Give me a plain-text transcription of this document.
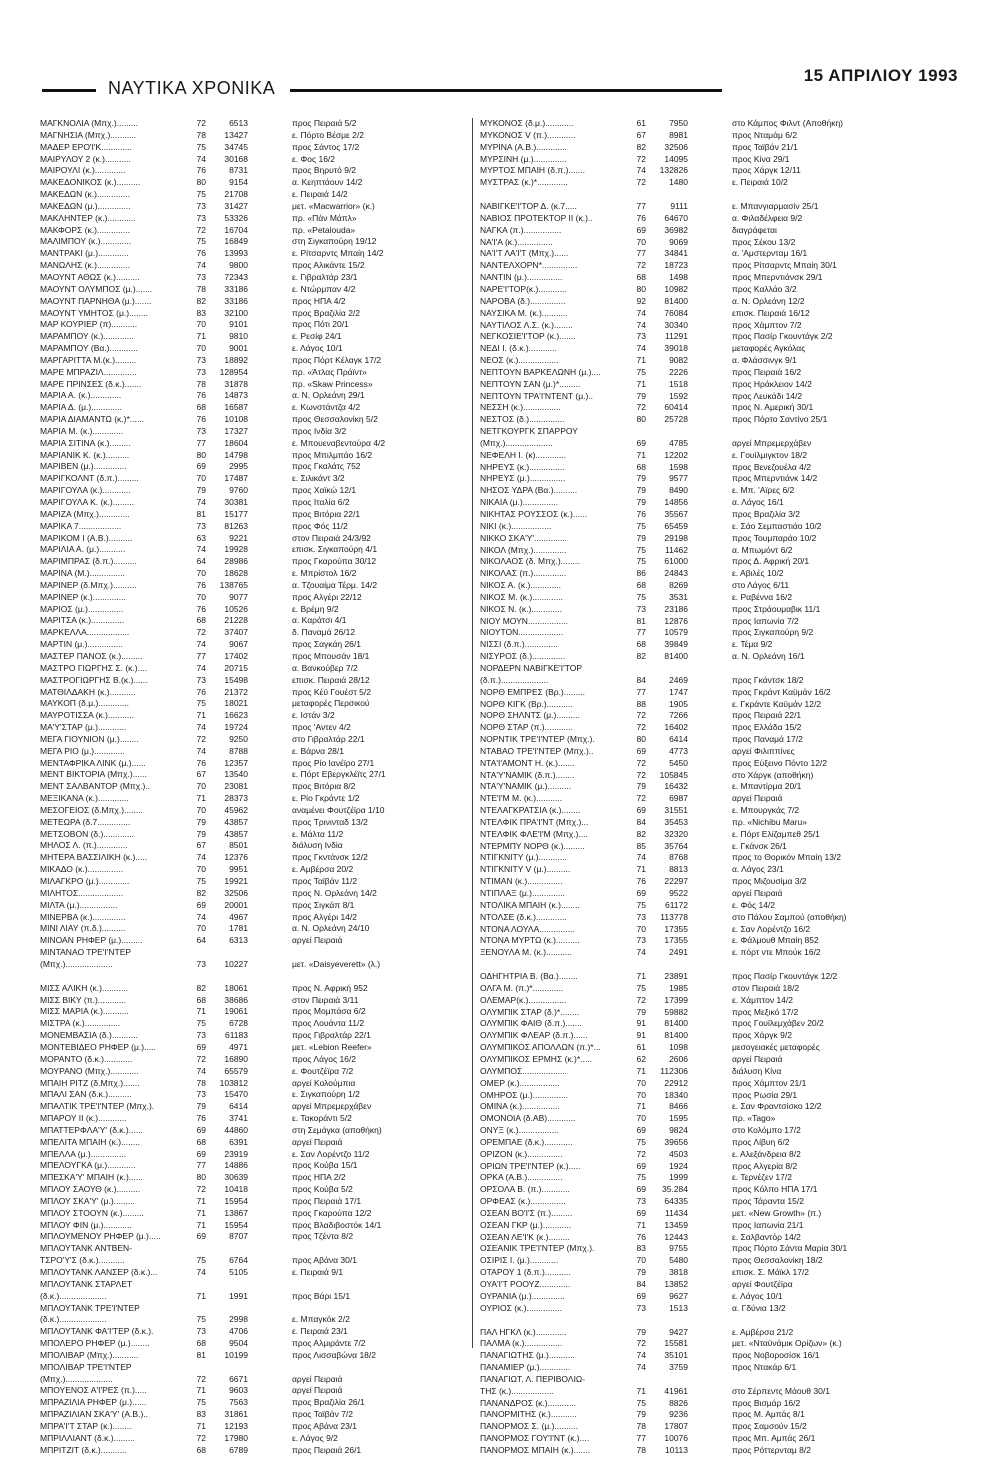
ΝΑΥΤΙΚΑ ΧΡΟΝΙΚΑ
15 ΑΠΡΙΛΙΟΥ 1993
ΜΑΓΚΝΟΛΙΑ (Μπχ.).........	72	6513	προς Πειραιά 5/2
ΜΑΓΝΗΣΙΑ (Μπχ.)...........	78	13427	ε. Πόρτο Βέσμε 2/2
ΜΑΔΕΡ ΕΡΟ'Ι'Κ.............	75	34745	προς Σάντος 17/2
ΜΑΙΡΥΛΟΥ 2 (κ.)...........	74	30168	ε. Φος 16/2
ΜΑΙΡΟΥΛΙ (κ.).............	76	8731	προς Βηρυτό 9/2
ΜΑΚΕΔΟΝΙΚΟΣ (κ.)..........	80	9154	α. Κεηπτάουν 14/2
ΜΑΚΕΔΩΝ (κ.)..............	75	21708	ε. Πειραιά 14/2
ΜΑΚΕΔΩΝ (μ.)..............	73	31427	μετ. «Macwarrior» (κ.)
ΜΑΚΛΗΝΤΕΡ (κ.)............	73	53326	πρ. «Πάν Μάπλ»
ΜΑΚΦΟΡΣ (κ.)..............	72	16704	πρ. «Petalouda»
ΜΑΛΙΜΠΟΥ (κ.).............	75	16849	στη Σιγκαπούρη 19/12
ΜΑΝΤΡΑΚΙ (μ.).............	76	13993	ε. Ρίτσαρντς Μπαίη 14/2
ΜΑΝΩΛΗΣ (κ.)..............	74	9800	προς Αλικάντε 15/2
ΜΑΟΥΝΤ ΑΘΩΣ (κ.)..........	73	72343	ε. Γιβραλτάρ 23/1
ΜΑΟΥΝΤ ΟΛΥΜΠΟΣ (μ.).......	78	33186	ε. Ντώρμπαν 4/2
ΜΑΟΥΝΤ ΠΑΡΝΗΘΑ (μ.).......	82	33186	προς ΗΠΑ 4/2
ΜΑΟΥΝΤ ΥΜΗΤΟΣ (μ.)........	83	32100	προς Βραζιλία 2/2
ΜΑΡ ΚΟΥΡΙΕΡ (π)...........	70	9101	προς Πότι 20/1
ΜΑΡΑΜΠΟΥ (κ.).............	71	9810	ε. Ρεσίφ 24/1
ΜΑΡΑΜΠΟΥ (Βα.)............	70	9001	ε. Λάγος 10/1
ΜΑΡΓΑΡΙΤΤΑ Μ.(κ.).........	73	18892	προς Πόρτ Κέλαγκ 17/2
ΜΑΡΕ ΜΠΡΑΖΙΛ..............	73	128954	πρ. «Άτλας Πράϊντ»
ΜΑΡΕ ΠΡΙΝΣΕΣ (δ.κ.).......	78	31878	πρ. «Skaw Princess»
ΜΑΡΙΑ Α. (κ.).............	76	14873	α. Ν. Ορλεάνη 29/1
ΜΑΡΙΑ Δ. (μ.).............	68	16587	ε. Κωνστάντζα 4/2
ΜΑΡΙΑ ΔΙΑΜΑΝΤΩ (κ.)*......	76	10108	προς Θεσσαλονίκη 5/2
ΜΑΡΙΑ Μ. (κ.).............	73	17327	προς Ινδία 3/2
ΜΑΡΙΑ ΣΙΤΙΝΑ (κ.).........	77	18604	ε. Μπουεναβεντούρα 4/2
ΜΑΡΙΑΝΙΚ Κ. (κ.)..........	80	14798	προς Μπιλμπάο 16/2
ΜΑΡΙΒΕΝ (μ.)..............	69	2995	προς Γκαλάτς 752
ΜΑΡΙΓΚΟΛΝΤ (δ.π.).........	70	17487	ε. Σιλικάντ 3/2
ΜΑΡΙΓΟΥΛΑ (κ.)............	79	9760	προς Χαϊκώ 12/1
ΜΑΡΙΓΟΥΛΑ Κ. (κ.).........	74	30381	προς Ιταλία 6/2
ΜΑΡΙΖΑ (Μπχ.).............	81	15177	προς Βιτόρια 22/1
ΜΑΡΙΚΑ 7..................	73	81263	προς Φός 11/2
ΜΑΡΙΚΟΜ Ι (Α.Β.)..........	63	9221	στον Πειραιά 24/3/92
ΜΑΡΙΛΙΑ Α. (μ.)...........	74	19928	επισκ. Σιγκαπούρη 4/1
ΜΑΡΙΜΠΡΑΣ (δ.π.)..........	64	28986	προς Γκαρούπα 30/12
ΜΑΡΙΝΑ (Μ.)...............	70	18628	ε. Μπρίστολ 16/2
ΜΑΡΙΝΕΡ (δ.Μπχ.)..........	76	138765	α. Τζουαίμα Τέρμ. 14/2
ΜΑΡΙΝΕΡ (κ.)..............	70	9077	προς Αλγέρι 22/12
ΜΑΡΙΟΣ (μ.)...............	76	10526	ε. Βρέμη 9/2
ΜΑΡΙΤΣΑ (κ.)..............	68	21228	α. Καράτσι 4/1
ΜΑΡΚΕΛΛΑ..................	72	37407	δ. Παναμά 26/12
ΜΑΡΤΙΝ (μ.)...............	74	9067	προς Σαγκάη 26/1
ΜΑΣΤΕΡ ΠΑΝΟΣ (κ.).........	77	17402	προς Μπουσάν 18/1
ΜΑΣΤΡΟ ΓΙΩΡΓΗΣ Σ. (κ.)....	74	20715	α. Βανκούβερ 7/2
ΜΑΣΤΡΟΓΙΩΡΓΗΣ Β.(κ.)......	73	15498	επισκ. Πειραιά 28/12
ΜΑΤΘΙΛΔΑΚΗ (κ.)...........	76	21372	προς Κέϋ Γουέστ 5/2
ΜΑΥΚΟΠ (δ.μ.).............	75	18021	μεταφορές Περσικού
ΜΑΥΡΟΤΙΣΣΑ (κ.)...........	71	16623	ε. Ιστάν 3/2
ΜΑ'Υ'ΣΤΑΡ (μ.)............	74	19724	προς 'Αντεν 4/2
ΜΕΓΑ ΓΙΟΥΝΙΟΝ (μ.)........	72	9250	στο Γιβραλτάρ 22/1
ΜΕΓΑ ΡΙΟ (μ.).............	74	8788	ε. Βάρνα 28/1
ΜΕΝΤΑΦΡΙΚΑ ΛΙΝΚ (μ.)......	76	12357	προς Ρίο Ιανέϊρο 27/1
ΜΕΝΤ ΒΙΚΤΟΡΙΑ (Μπχ.)......	67	13540	ε. Πόρτ Εβεργκλέϊτς 27/1
ΜΕΝΤ ΣΑΛΒΑΝΤΟΡ (Μπχ.)..	70	23081	προς Βιτόρια 8/2
ΜΕΞΙΚΑΝΑ (κ.).............	71	28373	ε. Ρίο Γκράντε 1/2
ΜΕΣΟΓΕΙΟΣ (δ.Μπχ.)........	70	45962	αναμένει Φουτζέϊρα 1/10
ΜΕΤΕΩΡΑ (δ.7..............	79	43857	προς Τρινινταδ 13/2
ΜΕΤΣΟΒΟΝ (δ.).............	79	43857	ε. Μάλτα 11/2
ΜΗΛΟΣ Λ. (π.).............	67	8501	διάλυση Ινδία
ΜΗΤΕΡΑ ΒΑΣΣΙΛΙΚΗ (κ.).....	74	12376	προς Γκντάνσκ 12/2
ΜΙΚΑΔΟ (κ.)...............	70	9951	ε. Αμβέρσα 20/2
ΜΙΛΑΓΚΡΟ (μ.).............	75	19921	προς Ταϊβάν 11/2
ΜΙΛΗΤΟΣ...................	82	32506	προς Ν. Ορλεάνη 14/2
ΜΙΛΤΑ (μ.)................	69	20001	προς Σιγκάπ 8/1
ΜΙΝΕΡΒΑ (κ.)..............	74	4967	προς Αλγέρι 14/2
ΜΙΝΙ ΛΙΑΥ (π.δ.)..........	70	1781	α. Ν. Ορλεάνη 24/10
ΜΙΝΟΑΝ ΡΗΦΕΡ (μ.).........	64	6313	αργεί Πειραιά
ΜΙΝΤΑΝΑΟ ΤΡΕ'Ι'ΝΤΕΡ
(Μπχ.)....................	73	10227	μετ. «Daisyeverett» (λ.)
ΜΙΣΣ ΑΛΙΚΗ (κ.)...........	82	18061	προς Ν. Αφρική 952
ΜΙΣΣ ΒΙΚΥ (π.)............	68	38686	στον Πειραιά 3/11
ΜΙΣΣ ΜΑΡΙΑ (κ.)...........	71	19061	προς Μομπάσα 6/2
ΜΙΣΤΡΑ (κ.)...............	75	6728	προς Λουάντα 11/2
ΜΟΝΕΜΒΑΣΙΑ (δ.)...........	73	61183	προς Γιβραλτάρ 22/1
ΜΟΝΤΕΒΙΔΕΟ ΡΗΦΕΡ (μ.).....	69	4971	μετ. «Lebion Reefer»
ΜΟΡΑΝΤΟ (δ.κ.)............	72	16890	προς Λάγος 16/2
ΜΟΥΡΑΝΟ (Μπχ.)............	74	65579	ε. Φουτζέϊρα 7/2
ΜΠΑΙΗ ΡΙΤΖ (δ.Μπχ.).......	78	103812	αργεί Κολούμπια
ΜΠΑΛΙ ΣΑΝ (δ.κ.)..........	73	15470	ε. Σιγκαπούρη 1/2
ΜΠΑΛΤΙΚ ΤΡΕ'Ι'ΝΤΕΡ (Μπχ.).	79	6414	αργεί Μπρεμερχάβεν
ΜΠΑΡΟΥ ΙΙ (κ.)............	76	3741	ε. Τακοράντι 5/2
ΜΠΑΤΤΕΡΦΛΑ'Υ' (δ.κ.)......	69	44860	στη Σεμάγκα (αποθήκη)
ΜΠΕΛΙΤΑ ΜΠΑΙΗ (κ.)........	68	6391	αργεί Πειραιά
ΜΠΕΛΛΑ (μ.)...............	69	23919	ε. Σαν Λορέντζο 11/2
ΜΠΕΛΟΥΓΚΑ (μ.)............	77	14886	προς Κούβα 15/1
ΜΠΕΣΚΑ'Υ' ΜΠΑΙΗ (κ.)......	80	30639	προς ΗΠΑ 2/2
ΜΠΛΟΥ ΣΑΟΥΘ (κ.)..........	72	10418	προς Κούβα 5/2
ΜΠΛΟΥ ΣΚΑ'Υ' (μ.).........	71	15954	προς Πειραιά 17/1
ΜΠΛΟΥ ΣΤΟΟΥΝ (κ.).........	71	13867	προς Γκαρούπα 12/2
ΜΠΛΟΥ ΦΙΝ (μ.)............	71	15954	προς Βλαδιβοστόκ 14/1
ΜΠΛΟΥΜΕΝΟΥ ΡΗΦΕΡ (μ.).....	69	8707	προς Τζέντα 8/2
ΜΠΛΟΥΤΑΝΚ ΑΝΤΒΕΝ-
ΤΣΡΟ'Υ'Σ (δ.κ.)...........	75	6764	προς Αβάνα 30/1
ΜΠΛΟΥΤΑΝΚ ΛΑΝΣΕΡ (δ.κ.)...	74	5105	ε. Πειραιά 9/1
ΜΠΛΟΥΤΑΝΚ ΣΤΑΡΛΕΤ
(δ.κ.)....................	71	1991	προς Βάρι 15/1
ΜΠΛΟΥΤΑΝΚ ΤΡΕ'Ι'ΝΤΕΡ
(δ.κ.)....................	75	2998	ε. Μπαγκόκ 2/2
ΜΠΛΟΥΤΑΝΚ ΦΑ'Ι'ΤΕΡ (δ.κ.).	73	4706	ε. Πειραιά 23/1
ΜΠΟΛΕΡΟ ΡΗΦΕΡ (μ.)........	68	9504	προς Αλμιράντε 7/2
ΜΠΟΛΙΒΑΡ (Μπχ.)...........	81	10199	προς Λισσαβώνα 18/2
ΜΠΟΛΙΒΑΡ ΤΡΕ'Ι'ΝΤΕΡ
(Μπχ.)....................	72	6671	αργεί Πειραιά
ΜΠΟΥΕΝΟΣ Α'Ι'ΡΕΣ (π.).....	71	9603	αργεί Πειραιά
ΜΠΡΑΖΙΛΙΑ ΡΗΦΕΡ (μ.)......	75	7563	προς Βραζιλία 26/1
ΜΠΡΑΖΙΛΙΑΝ ΣΚΑ'Υ' (Α.Β.)..	83	31861	προς Ταϊβάν 7/2
ΜΠΡΑ'Ι'Τ ΣΤΑΡ (κ.)........	71	12193	προς Αβάνα 23/1
ΜΠΡΙΛΛΙΑΝΤ (δ.κ.).........	72	17980	ε. Λάγος 9/2
ΜΠΡΙΤΖΙΤ (δ.κ.)...........	68	6789	προς Πειραιά 26/1
ΜΥΚΟΝΟΣ (δ.μ.)............	61	7950	στο Κάμπος Φιλντ (Αποθήκη)
ΜΥΚΟΝΟΣ V (π.)............	67	8981	προς Νταμάμ 6/2
ΜΥΡΙΝΑ (Α.Β.).............	82	32506	προς Ταϊβάν 21/1
ΜΥΡΣΙΝΗ (μ.)..............	72	14095	προς Κίνα 29/1
ΜΥΡΤΟΣ ΜΠΑΙΗ (δ.π.).......	74	132826	προς Χάργκ 12/11
ΜΥΣΤΡΑΣ (κ.)*.............	72	1480	ε. Πειραιά 10/2
ΝΑΒΙΓΚΕ'Ι'ΤΟΡ Δ. (κ.7.....	77	9111	ε. Μπανγιαρμασίν 25/1
ΝΑΒΙΟΣ ΠΡΟΤΕΚΤΟΡ ΙΙ (κ.)..	76	64670	α. Φιλαδέλφεια 9/2
ΝΑΓΚΑ (π.)................	69	36982	διαγράφεται
ΝΑ'Ι'Α (κ.)...............	70	9069	προς Σέκου 13/2
ΝΑ'Ι'Τ ΛΑ'Ι'Τ (Μπχ.)......	77	34841	α. 'Αμστερνταμ 16/1
ΝΑΝΤΕΛΧΟΡΝ*...............	72	18723	προς Ρίτσαρντς Μπαίη 30/1
ΝΑΝΤΙΝ (μ.)...............	68	1498	προς Μπερντιάνσκ 29/1
ΝΑΡΕ'Ι'ΤΟΡ(κ.)............	80	10982	προς Καλλάο 3/2
ΝΑΡΟΒΑ (δ.)...............	92	81400	α. Ν. Ορλεάνη 12/2
ΝΑΥΣΙΚΑ Μ. (κ.)...........	74	76084	επισκ. Πειραιά 16/12
ΝΑΥΤΙΛΟΣ Λ.Σ. (κ.)........	74	30340	προς Χάμπτον 7/2
ΝΕΓΚΟΣΙΕ'Ι'ΤΟΡ (κ.).......	73	11291	προς Πασίρ Γκουντάγκ 2/2
ΝΕΔΙ Ι. (δ.κ.)............	74	39018	μεταφορές Αγκόλας
ΝΕΟΣ (κ.).................	71	9082	α. Φλάσσινγκ 9/1
ΝΕΠΤΟΥΝ ΒΑΡΚΕΛΩΝΗ (μ.)....	75	2226	προς Πειραιά 16/2
ΝΕΠΤΟΥΝ ΣΑΝ (μ.)*.........	71	1518	προς Ηράκλειον 14/2
ΝΕΠΤΟΥΝ ΤΡΑ'Ι'ΝΤΕΝΤ (μ.)..	79	1592	προς Λευκάδι 14/2
ΝΕΣΣΗ (κ.)................	72	60414	προς Ν. Αμερική 30/1
ΝΕΣΤΟΣ (δ.)...............	80	25728	προς Πόρτο Σαντίνο 25/1
ΝΕΤΓΚΟΥΡΓΚ ΣΠΑΡΡΟΥ
(Μπχ.)....................	69	4785	αργεί Μπρεμερχάβεν
ΝΕΦΕΛΗ Ι. (κ).............	71	12202	ε. Γουίλμιγκτον 18/2
ΝΗΡΕΥΣ (κ.)...............	68	1598	προς Βενεζουέλα 4/2
ΝΗΡΕΥΣ (μ.)...............	79	9577	προς Μπερντιάνκ 14/2
ΝΗΣΟΣ ΥΔΡΑ (Βα.)..........	79	8490	ε. Μπ. 'Αϊρες 6/2
ΝΙΚΑΙΑ (μ.)...............	79	14856	α. Λάγος 16/1
ΝΙΚΗΤΑΣ ΡΟΥΣΣΟΣ (κ.)......	76	35567	προς Βραζιλία 3/2
ΝΙΚΙ (κ.).................	75	65459	ε. Σάο Σεμπαστιάο 10/2
ΝΙΚΚΟ ΣΚΑ'Υ'..............	79	29198	προς Τουμπαράο 10/2
ΝΙΚΟΛ (Μπχ.)..............	75	11462	α. Μπωμόντ 6/2
ΝΙΚΟΛΑΟΣ (δ. Μπχ.)........	75	61000	προς Δ. Αφρική 20/1
ΝΙΚΟΛΑΣ (π.)..............	86	24843	ε. Αβιλές 10/2
ΝΙΚΟΣ Α. (κ.).............	68	8269	στο Λάγος 6/11
ΝΙΚΟΣ Μ. (κ.).............	75	3531	ε. Ραβέννα 16/2
ΝΙΚΟΣ Ν. (κ.).............	73	23186	προς Στράουμαβικ 11/1
ΝΙΟΥ ΜΟΥΝ.................	81	12876	προς Ιαπωνία 7/2
ΝΙΟΥΤΟΝ...................	77	10579	προς Σιγκαπούρη 9/2
ΝΙΣΣΙ (δ.π.)..............	68	39849	ε. Τέμα 9/2
ΝΙΣΥΡΟΣ (δ.)..............	82	81400	α. Ν. Ορλεάνη 16/1
ΝΟΡΔΕΡΝ ΝΑΒΙΓΚΕ'Ι'ΤΟΡ
(δ.π.)....................	84	2469	προς Γκάντσκ 18/2
ΝΟΡΘ ΕΜΠΡΕΣ (Βρ.).........	77	1747	προς Γκράντ Καϋμάν 16/2
ΝΟΡΘ ΚΙΓΚ (Βρ.)...........	88	1905	ε. Γκράντε Καϋμάν 12/2
ΝΟΡΘ ΣΗΛΝΤΣ (μ.)..........	72	7266	προς Πειραιά 22/1
ΝΟΡΘ ΣΤΑΡ (π.)............	72	16402	προς Ελλάδα 15/2
ΝΟΡΝΤΙΚ ΤΡΕ'Ι'ΝΤΕΡ (Μπχ.).	80	6414	προς Παναμά 17/2
ΝΤΑΒΑΟ ΤΡΕ'Ι'ΝΤΕΡ (Μπχ.)..	69	4773	αργεί Φιλιππίνες
ΝΤΑ'Ι'ΑΜΟΝΤ Η. (κ.).......	72	5450	προς Εύξεινο Πόντο 12/2
ΝΤΑ'Υ'ΝΑΜΙΚ (δ.π.)........	72	105845	στο Χάργκ (αποθήκη)
ΝΤΑ'Υ'ΝΑΜΙΚ (μ.)..........	79	16432	ε. Μπαντίρμα 20/1
ΝΤΕ'Ι'Μ Μ. (κ.)...........	72	6987	αργεί Πειραιά
ΝΤΕΛΑΓΚΡΑΤΣΙΑ (κ.)........	69	31551	ε. Μπουργκάς 7/2
ΝΤΕΛΦΙΚ ΠΡΑ'Ι'ΝΤ (Μπχ.)...	84	35453	πρ. «Nichibu Maru»
ΝΤΕΛΦΙΚ ΦΛΕ'Ι'Μ (Μπχ.)....	82	32320	ε. Πόρτ Ελίζαμπεθ 25/1
ΝΤΕΡΜΠΥ ΝΟΡΘ (κ.).........	85	35764	ε. Γκάνσκ 26/1
ΝΤΙΓΚΝΙΤΥ (μ.)............	74	8768	προς το Θορικόν Μπαίη 13/2
ΝΤΙΓΚΝΙΤΥ V (μ.)..........	71	8813	α. Λάγος 23/1
ΝΤΙΜΑΝ (κ.)...............	76	22297	προς Μιζουσίμα 3/2
ΝΤΙΠΛΑΞ (μ.)..............	69	9522	αργεί Πειραιά
ΝΤΟΛΙΚΑ ΜΠΑΙΗ (κ.)........	75	61172	ε. Φός 14/2
ΝΤΟΛΣΕ (δ.κ.).............	73	113778	στο Πάλου Σαμπού (αποθήκη)
ΝΤΟΝΑ ΛΟΥΛΑ...............	70	17355	ε. Σαν Λορέντζο 16/2
ΝΤΟΝΑ ΜΥΡΤΩ (κ.)..........	73	17355	ε. Φάλμουθ Μπαίη 852
ΞΕΝΟΥΛΑ Μ. (κ.)...........	74	2491	ε. πόρτ ντε Μπούκ 16/2
ΟΔΗΓΗΤΡΙΑ Β. (Βα.)........	71	23891	προς Πασίρ Γκουντάγκ 12/2
ΟΛΓΑ Μ. (π.)*.............	75	1985	στον Πειραιά 18/2
ΟΛΕΜΑΡ(κ.)................	72	17399	ε. Χάμπτον 14/2
ΟΛΥΜΠΙΚ ΣΤΑΡ (δ.)*........	79	59882	προς Μεξικό 17/2
ΟΛΥΜΠΙΚ ΦΑΙΘ (δ.π.).......	91	81400	προς Γουϊλεμχάβεν 20/2
ΟΛΥΜΠΙΚ ΦΛΕΑΡ (δ.π.)......	91	81400	προς Χάργκ 9/2
ΟΛΥΜΠΙΚΟΣ ΑΠΟΛΛΩΝ (π.)*...	61	1098	μεσογειακές μεταφορές
ΟΛΥΜΠΙΚΟΣ ΕΡΜΗΣ (κ.)*.....	62	2606	αργεί Πειραιά
ΟΛΥΜΠΟΣ...................	71	112306	διάλυση Κίνα
ΟΜΕΡ (κ.).................	70	22912	προς Χάμπτον 21/1
ΟΜΗΡΟΣ (μ.)...............	70	18340	προς Ρωσία 29/1
ΟΜΙΝΑ (κ.)................	71	8466	ε. Σαν Φραντσίσκο 12/2
ΟΜΟΝΟΙΑ (δ.ΑΒ)............	70	1595	πρ. «Tago»
ΟΝΥΞ (κ.).................	69	9824	στο Κολόμπο 17/2
ΟΡΕΜΠΑΕ (δ.κ.)............	75	39656	προς Λίβυη 6/2
ΟΡΙΖΟΝ (κ.)...............	72	4503	ε. Αλεξάνδρεια 8/2
ΟΡΙΩΝ ΤΡΕ'Ι'ΝΤΕΡ (κ.).....	69	1924	προς Αλγερία 8/2
ΟΡΚΑ (Α.Β.)...............	75	1999	ε. Τερνέζεν 17/2
ΟΡΣΟΛΑ Β. (π.)............	69	35.284	προς Κόλπο ΗΠΑ 17/1
ΟΡΦΕΑΣ (κ.)...............	73	64335	προς Τάραντα 15/2
ΟΣΕΑΝ ΒΟ'Ι'Σ (π.).........	69	11434	μετ. «New Growth» (π.)
ΟΣΕΑΝ ΓΚΡ (μ.)............	71	13459	προς Ιαπωνία 21/1
ΟΣΕΑΝ ΛΕ'Ι'Κ (κ.).........	76	12443	ε. Σαλβαντόρ 14/2
ΟΣΕΑΝΙΚ ΤΡΕ'Ι'ΝΤΕΡ (Μπχ.).	83	9755	προς Πόρτο Σάντα Μαρία 30/1
ΟΣΙΡΙΣ Ι. (μ.)............	70	5480	προς Θεσσαλονίκη 18/2
ΟΤΑΡΟΥ 1 (δ.π.)...........	79	3818	επισκ. Σ. Μάϊκλ 17/2
ΟΥΑ'Ι'Τ ΡΟΟΥΖ.............	84	13852	αργεί Φουτζέϊρα
ΟΥΡΑΝΙΑ (μ.)..............	69	9627	ε. Λάγος 10/1
ΟΥΡΙΟΣ (κ.)...............	73	1513	α. Γδύνια 13/2
ΠΑΛ ΗΓΚΛ (κ.).............	79	9427	ε. Αμβέρσα 21/2
ΠΑΛΜΑ (κ.)................	72	15581	μετ. «Νταϋνάμικ Ορίζων» (κ.)
ΠΑΝΑΓΙΩΤΗΣ (μ.)...........	74	35101	προς Νοβοροσίσκ 16/1
ΠΑΝΑΜΙΕΡ (μ.).............	74	3759	προς Ντακάρ 6/1
ΠΑΝΑΓΙΩΤ. Λ. ΠΕΡΙΒΟΛΙΩ-
ΤΗΣ (κ.)..................	71	41961	στο Σέρπεντς Μάουθ 30/1
ΠΑΝΑΝΔΡΟΣ (κ.)............	75	8826	προς Βισμάρ 16/2
ΠΑΝΟΡΜΙΤΗΣ (κ.)...........	79	9236	προς Μ. Αμπάς 8/1
ΠΑΝΟΡΜΟΣ Σ. (μ.)..........	78	17807	προς Σαμσούν 15/2
ΠΑΝΟΡΜΟΣ ΓΟΥ'Ι'ΝΤ (κ.)....	77	10076	προς Μπ. Αμπάς 26/1
ΠΑΝΟΡΜΟΣ ΜΠΑΙΗ (κ.).......	78	10113	προς Ρόττερνταμ 8/2
